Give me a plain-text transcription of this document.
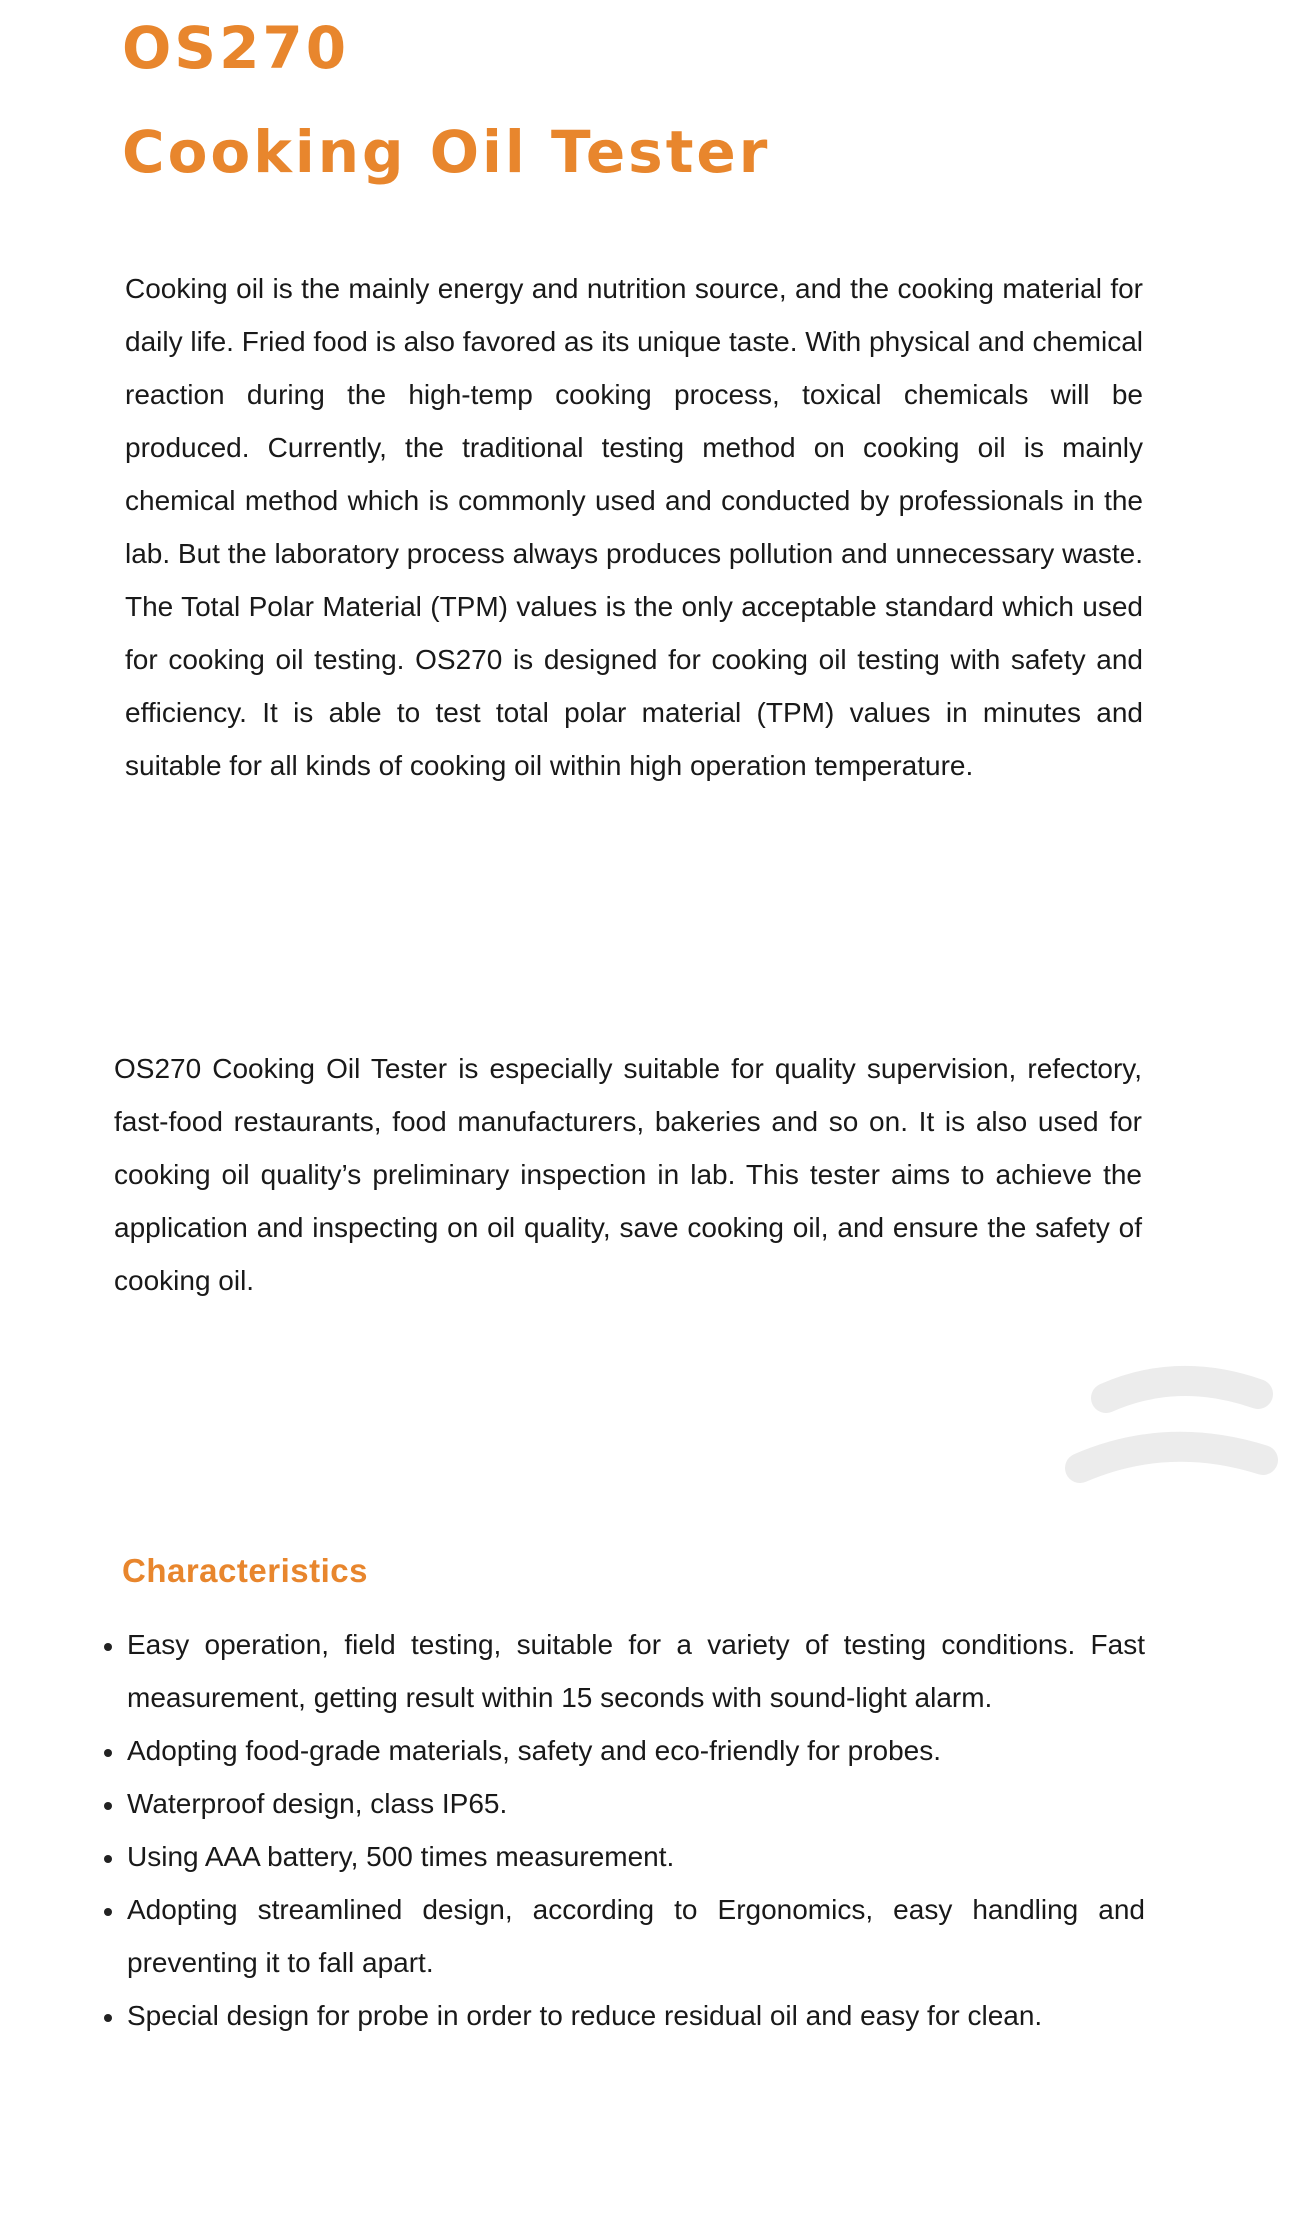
OS270
Cooking Oil Tester

Cooking oil is the mainly energy and nutrition source, and the cooking material for daily life. Fried food is also favored as its unique taste. With physical and chemical reaction during the high-temp cooking process, toxical chemicals will be produced. Currently, the traditional testing method on cooking oil is mainly chemical method which is commonly used and conducted by professionals in the lab. But the laboratory process always produces pollution and unnecessary waste. The Total Polar Material (TPM) values is the only acceptable standard which used for cooking oil testing. OS270 is designed for cooking oil testing with safety and efficiency. It is able to test total polar material (TPM) values in minutes and suitable for all kinds of cooking oil within high operation temperature.

OS270 Cooking Oil Tester is especially suitable for quality supervision, refectory, fast-food restaurants, food manufacturers, bakeries and so on. It is also used for cooking oil quality’s preliminary inspection in lab. This tester aims to achieve the application and inspecting on oil quality, save cooking oil, and ensure the safety of cooking oil.

Characteristics
Easy operation, field testing, suitable for a variety of testing conditions. Fast measurement, getting result within 15 seconds with sound-light alarm.
Adopting food-grade materials, safety and eco-friendly for probes.
Waterproof design, class IP65.
Using AAA battery, 500 times measurement.
Adopting streamlined design, according to Ergonomics, easy handling and preventing it to fall apart.
Special design for probe in order to reduce residual oil and easy for clean.
